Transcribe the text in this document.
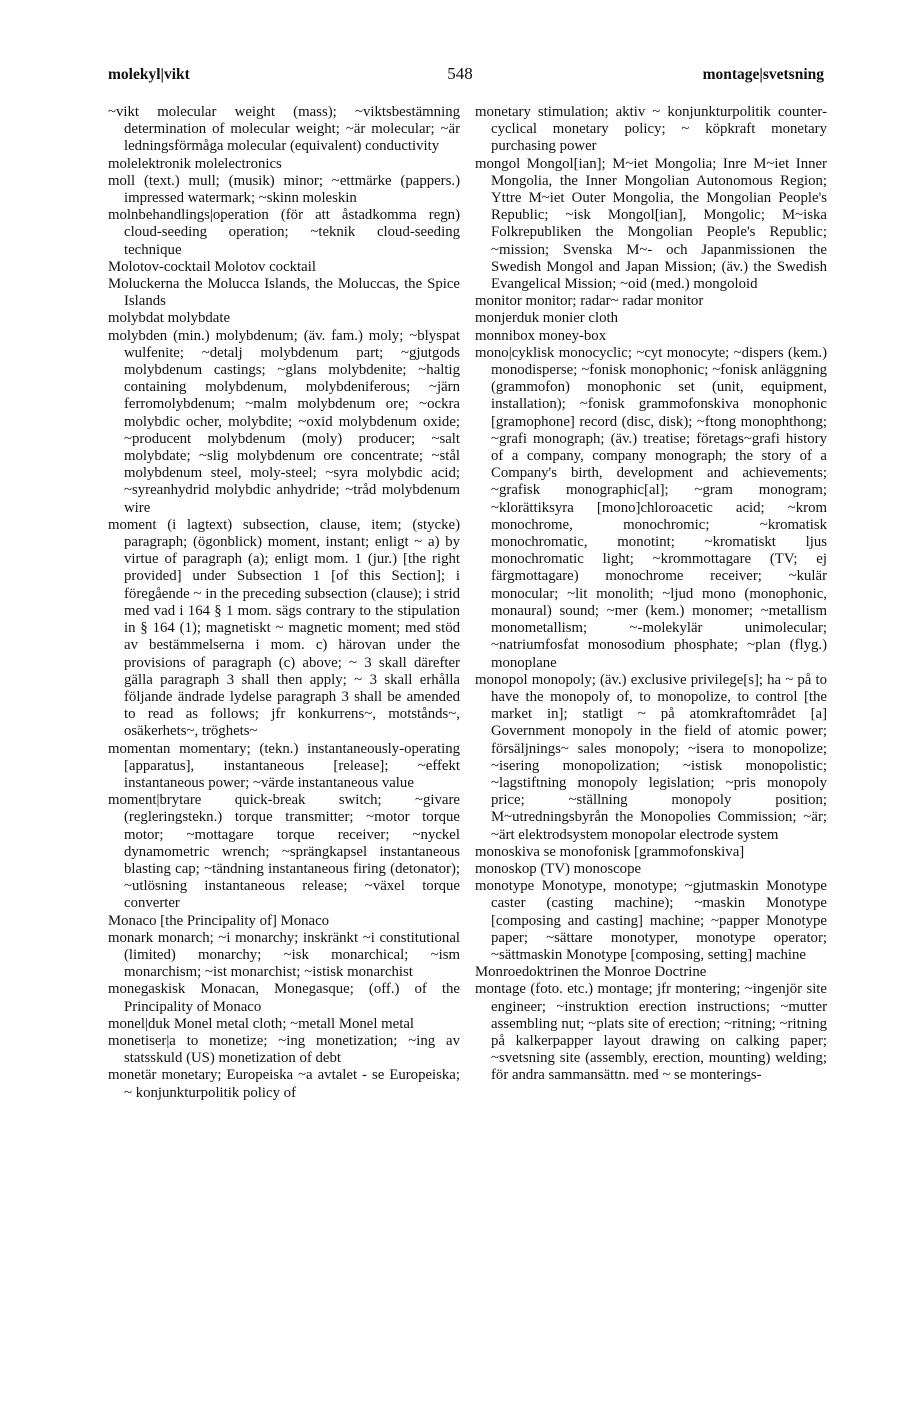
molekyl|vikt	548	montage|svetsning

~vikt molecular weight (mass); ~viktsbestämning determination of molecular weight; ~är molecular; ~är ledningsförmåga molecular (equivalent) conductivity

molelektronik molelectronics

moll (text.) mull; (musik) minor; ~ettmärke (pappers.) impressed watermark; ~skinn moleskin

molnbehandlings|operation (för att åstadkomma regn) cloud-seeding operation; ~teknik cloud-seeding technique

Molotov-cocktail Molotov cocktail

Moluckerna the Molucca Islands, the Moluccas, the Spice Islands

molybdat molybdate

molybden (min.) molybdenum; (äv. fam.) moly; ~blyspat wulfenite; ~detalj molybdenum part; ~gjutgods molybdenum castings; ~glans molybdenite; ~haltig containing molybdenum, molybdeniferous; ~järn ferromolybdenum; ~malm molybdenum ore; ~ockra molybdic ocher, molybdite; ~oxid molybdenum oxide; ~producent molybdenum (moly) producer; ~salt molybdate; ~slig molybdenum ore concentrate; ~stål molybdenum steel, moly-steel; ~syra molybdic acid; ~syreanhydrid molybdic anhydride; ~tråd molybdenum wire

moment (i lagtext) subsection, clause, item; (stycke) paragraph; (ögonblick) moment, instant; enligt ~ a) by virtue of paragraph (a); enligt mom. 1 (jur.) [the right provided] under Subsection 1 [of this Section]; i föregående ~ in the preceding subsection (clause); i strid med vad i 164 § 1 mom. sägs contrary to the stipulation in § 164 (1); magnetiskt ~ magnetic moment; med stöd av bestämmelserna i mom. c) härovan under the provisions of paragraph (c) above; ~ 3 skall därefter gälla paragraph 3 shall then apply; ~ 3 skall erhålla följande ändrade lydelse paragraph 3 shall be amended to read as follows; jfr konkurrens~, motstånds~, osäkerhets~, tröghets~

momentan momentary; (tekn.) instantaneously-operating [apparatus], instantaneous [release]; ~effekt instantaneous power; ~värde instantaneous value

moment|brytare quick-break switch; ~givare (regleringstekn.) torque transmitter; ~motor torque motor; ~mottagare torque receiver; ~nyckel dynamometric wrench; ~sprängkapsel instantaneous blasting cap; ~tändning instantaneous firing (detonator); ~utlösning instantaneous release; ~växel torque converter

Monaco [the Principality of] Monaco

monark monarch; ~i monarchy; inskränkt ~i constitutional (limited) monarchy; ~isk monarchical; ~ism monarchism; ~ist monarchist; ~istisk monarchist

monegaskisk Monacan, Monegasque; (off.) of the Principality of Monaco

monel|duk Monel metal cloth; ~metall Monel metal

monetiser|a to monetize; ~ing monetization; ~ing av statsskuld (US) monetization of debt

monetär monetary; Europeiska ~a avtalet - se Europeiska; ~ konjunkturpolitik policy of

monetary stimulation; aktiv ~ konjunkturpolitik counter-cyclical monetary policy; ~ köpkraft monetary purchasing power

mongol Mongol[ian]; M~iet Mongolia; Inre M~iet Inner Mongolia, the Inner Mongolian Autonomous Region; Yttre M~iet Outer Mongolia, the Mongolian People's Republic; ~isk Mongol[ian], Mongolic; M~iska Folkrepubliken the Mongolian People's Republic; ~mission; Svenska M~- och Japanmissionen the Swedish Mongol and Japan Mission; (äv.) the Swedish Evangelical Mission; ~oid (med.) mongoloid

monitor monitor; radar~ radar monitor

monjerduk monier cloth

monnibox money-box

mono|cyklisk monocyclic; ~cyt monocyte; ~dispers (kem.) monodisperse; ~fonisk monophonic; ~fonisk anläggning (grammofon) monophonic set (unit, equipment, installation); ~fonisk grammofonskiva monophonic [gramophone] record (disc, disk); ~ftong monophthong; ~grafi monograph; (äv.) treatise; företags~grafi history of a company, company monograph; the story of a Company's birth, development and achievements; ~grafisk monographic[al]; ~gram monogram; ~klorättiksyra [mono]chloroacetic acid; ~krom monochrome, monochromic; ~kromatisk monochromatic, monotint; ~kromatiskt ljus monochromatic light; ~krommottagare (TV; ej färgmottagare) monochrome receiver; ~kulär monocular; ~lit monolith; ~ljud mono (monophonic, monaural) sound; ~mer (kem.) monomer; ~metallism monometallism; ~-molekylär unimolecular; ~natriumfosfat monosodium phosphate; ~plan (flyg.) monoplane

monopol monopoly; (äv.) exclusive privilege[s]; ha ~ på to have the monopoly of, to monopolize, to control [the market in]; statligt ~ på atomkraftområdet [a] Government monopoly in the field of atomic power; försäljnings~ sales monopoly; ~isera to monopolize; ~isering monopolization; ~istisk monopolistic; ~lagstiftning monopoly legislation; ~pris monopoly price; ~ställning monopoly position; M~utredningsbyrån the Monopolies Commission; ~är; ~ärt elektrodsystem monopolar electrode system

monoskiva se monofonisk [grammofonskiva]

monoskop (TV) monoscope

monotype Monotype, monotype; ~gjutmaskin Monotype caster (casting machine); ~maskin Monotype [composing and casting] machine; ~papper Monotype paper; ~sättare monotyper, monotype operator; ~sättmaskin Monotype [composing, setting] machine

Monroedoktrinen the Monroe Doctrine

montage (foto. etc.) montage; jfr montering; ~ingenjör site engineer; ~instruktion erection instructions; ~mutter assembling nut; ~plats site of erection; ~ritning; ~ritning på kalkerpapper layout drawing on calking paper; ~svetsning site (assembly, erection, mounting) welding; för andra sammansättn. med ~ se monterings-
